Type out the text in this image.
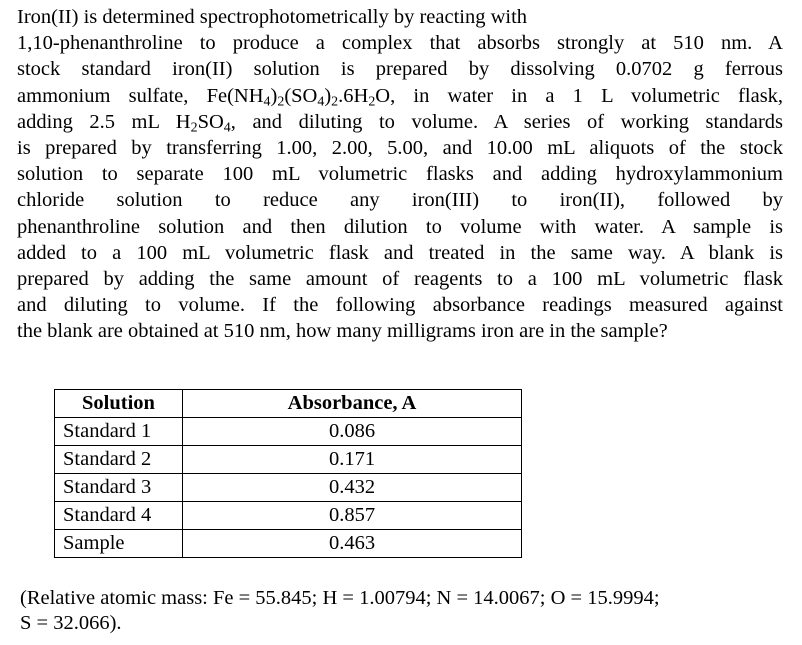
Iron(II) is determined spectrophotometrically by reacting with
1,10-phenanthroline to produce a complex that absorbs strongly at 510 nm. A
stock standard iron(II) solution is prepared by dissolving 0.0702 g ferrous
ammonium sulfate, $Fe(NH_4)_2(SO_4)_2.6H_2O$, in water in a 1 L volumetric flask,
adding 2.5 mL $H_2SO_4$, and diluting to volume. A series of working standards
is prepared by transferring 1.00, 2.00, 5.00, and 10.00 mL aliquots of the stock
solution to separate 100 mL volumetric flasks and adding hydroxylammonium
chloride solution to reduce any iron(III) to iron(II), followed by
phenanthroline solution and then dilution to volume with water. A sample is
added to a 100 mL volumetric flask and treated in the same way. A blank is
prepared by adding the same amount of reagents to a 100 mL volumetric flask
and diluting to volume. If the following absorbance readings measured against
the blank are obtained at 510 nm, how many milligrams iron are in the sample?
Solution	Absorbance, A
Standard 1	0.086
Standard 2	0.171
Standard 3	0.432
Standard 4	0.857
Sample	0.463
(Relative atomic mass: Fe = 55.845; H = 1.00794; N = 14.0067; O = 15.9994;
S = 32.066).
